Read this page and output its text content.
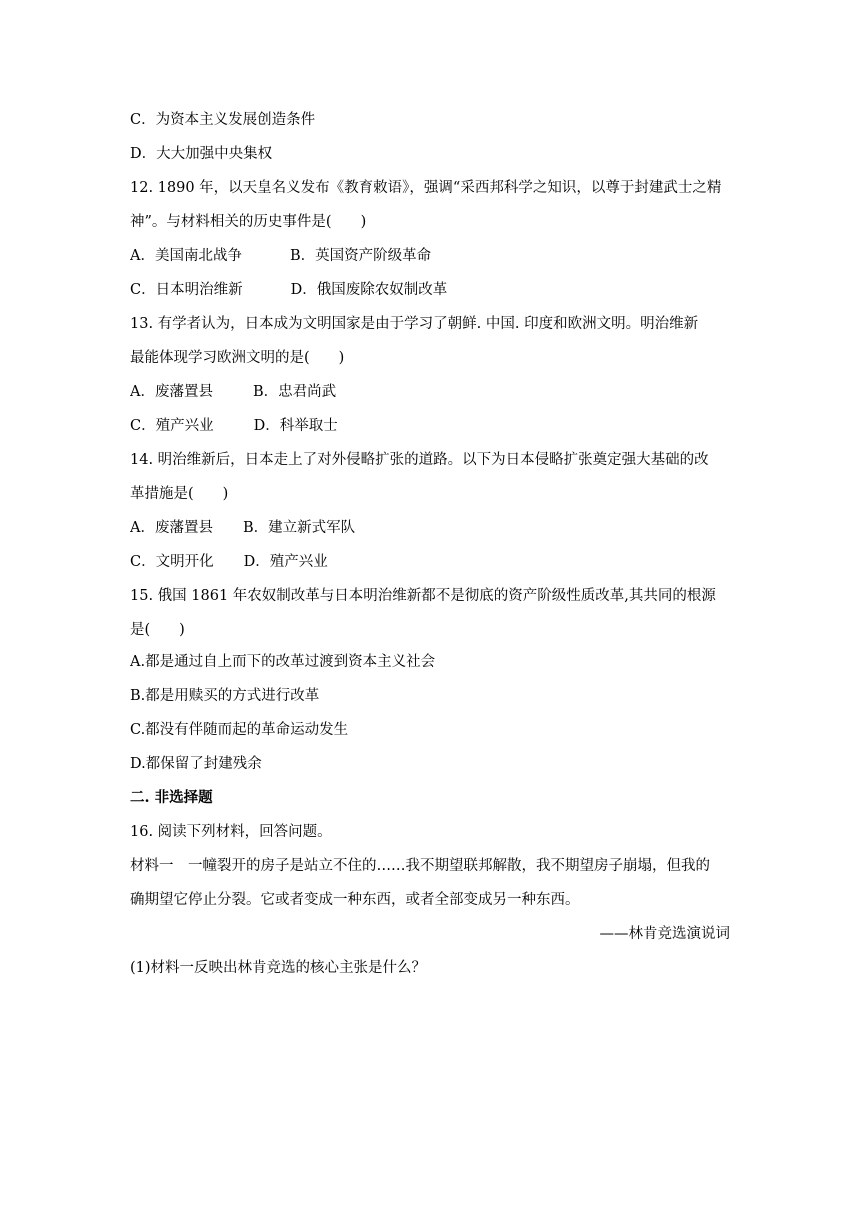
C．为资本主义发展创造条件
D．大大加强中央集权
12. 1890 年，以天皇名义发布《教育敕语》，强调“采西邦科学之知识，以尊于封建武士之精
神”。与材料相关的历史事件是(　　)
A．美国南北战争	B．英国资产阶级革命
C．日本明治维新	D．俄国废除农奴制改革
13. 有学者认为，日本成为文明国家是由于学习了朝鲜. 中国. 印度和欧洲文明。明治维新
最能体现学习欧洲文明的是(　　)
A．废藩置县	B．忠君尚武
C．殖产兴业	D．科举取士
14. 明治维新后，日本走上了对外侵略扩张的道路。以下为日本侵略扩张奠定强大基础的改
革措施是(　　)
A．废藩置县 B．建立新式军队
C．文明开化 D．殖产兴业
15. 俄国 1861 年农奴制改革与日本明治维新都不是彻底的资产阶级性质改革,其共同的根源
是(　　)
A.都是通过自上而下的改革过渡到资本主义社会
B.都是用赎买的方式进行改革
C.都没有伴随而起的革命运动发生
D.都保留了封建残余
二. 非选择题
16. 阅读下列材料，回答问题。
材料一　一幢裂开的房子是站立不住的……我不期望联邦解散，我不期望房子崩塌，但我的
确期望它停止分裂。它或者变成一种东西，或者全部变成另一种东西。
——林肯竞选演说词
(1)材料一反映出林肯竞选的核心主张是什么？
